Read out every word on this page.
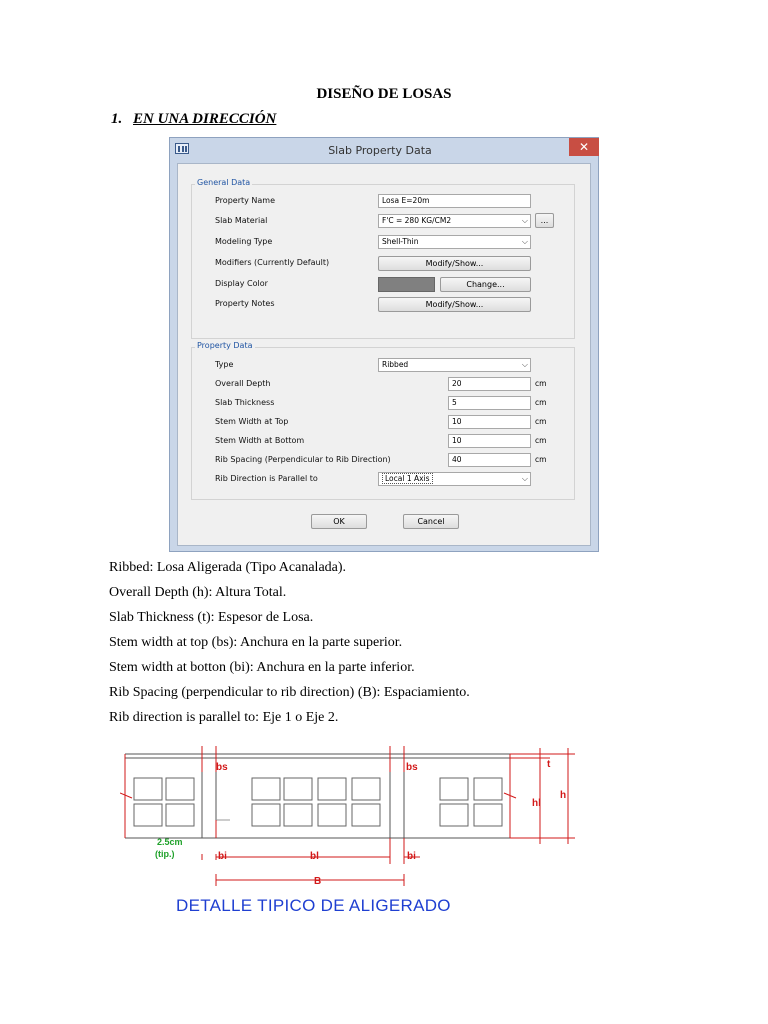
DISEÑO DE LOSAS
1. EN UNA DIRECCIÓN
Slab Property Data	✕
General Data
Property Name	Losa E=20m
Slab Material	F'C = 280 KG/CM2	⌵	...
Modeling Type	Shell-Thin	⌵
Modifiers (Currently Default)	Modify/Show...
Display Color	Change...
Property Notes	Modify/Show...
Property Data
Type	Ribbed	⌵
Overall Depth	20	cm
Slab Thickness	5	cm
Stem Width at Top	10	cm
Stem Width at Bottom	10	cm
Rib Spacing (Perpendicular to Rib Direction)	40	cm
Rib Direction is Parallel to	Local 1 Axis	⌵
OK	Cancel
Ribbed: Losa Aligerada (Tipo Acanalada).
Overall Depth (h): Altura Total.
Slab Thickness (t): Espesor de Losa.
Stem width at top (bs): Anchura en la parte superior.
Stem width at botton (bi): Anchura en la parte inferior.
Rib Spacing (perpendicular to rib direction) (B): Espaciamiento.
Rib direction is parallel to: Eje 1 o Eje 2.
bs	bs	t
h
hl
bi	bl	bi
B
2.5cm
(tip.)
DETALLE TIPICO DE ALIGERADO
